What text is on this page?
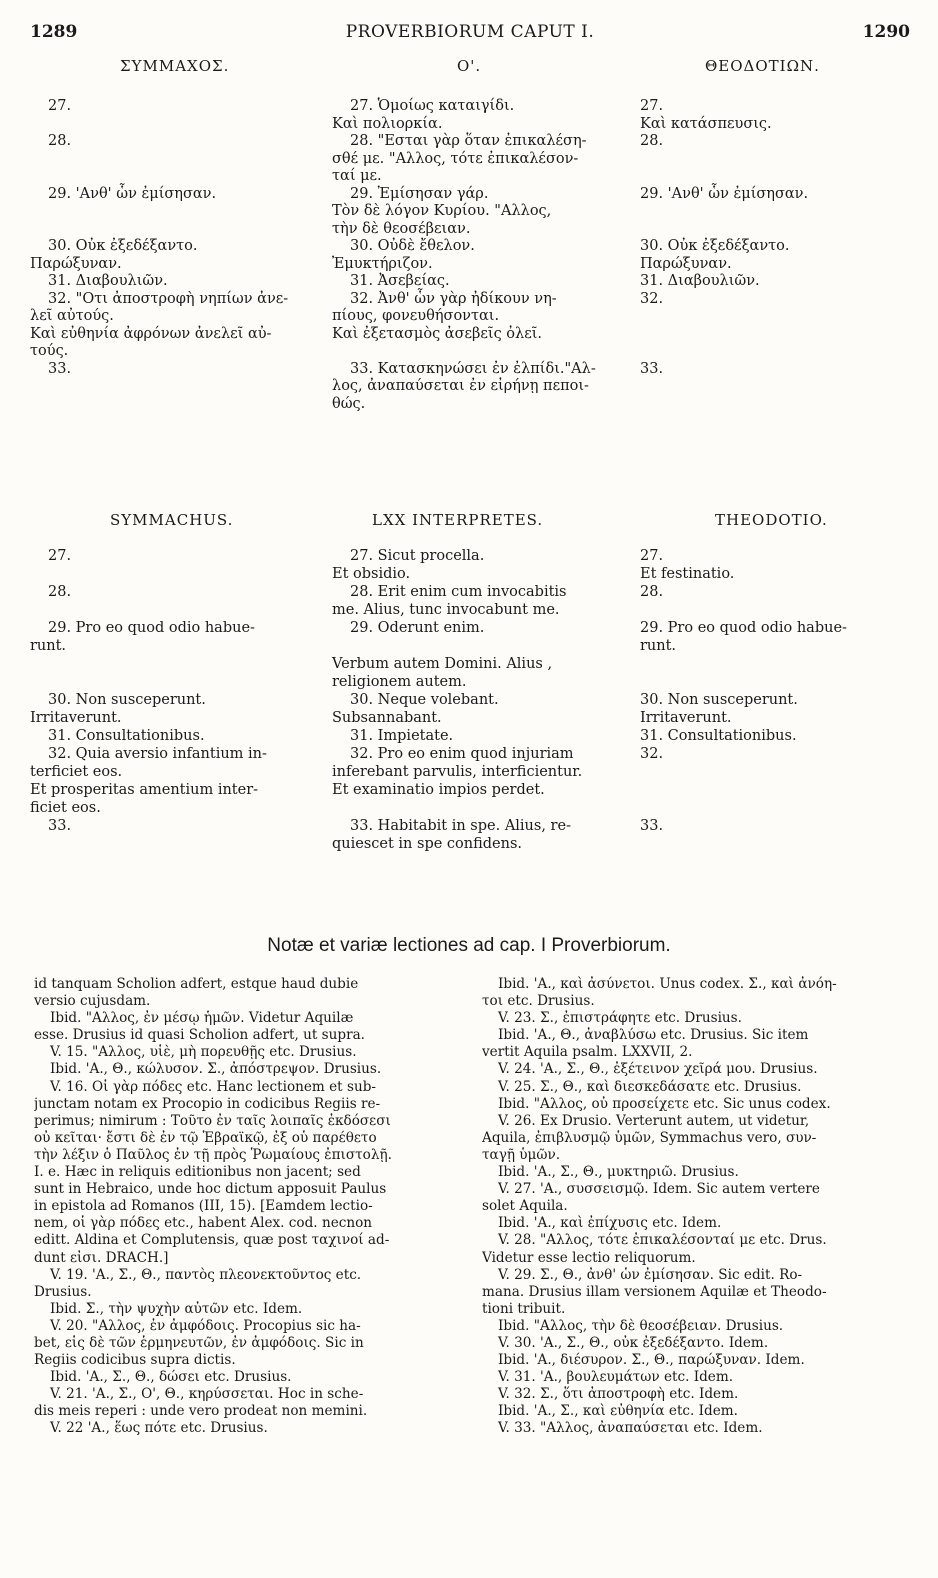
1289	PROVERBIORUM CAPUT I.	1290
ΣΥΜΜΑΧΟΣ.
27.
28.
29. 'Ανθ' ὧν ἐμίσησαν.
30. Οὐκ ἐξεδέξαντο.
Παρώξυναν.
31. Διαβουλιῶν.
32. "Οτι ἀποστροφὴ νηπίων ἀνε-
λεῖ αὐτούς.
Καὶ εὐθηνία ἀφρόνων ἀνελεῖ αὐ-
τούς.
33.
O'.
27. Ὁμοίως καταιγίδι.
Καὶ πολιορκία.
28. "Εσται γὰρ ὅταν ἐπικαλέση-
σθέ με. "Αλλος, τότε ἐπικαλέσον-
ταί με.
29. Ἐμίσησαν γάρ.
Τὸν δὲ λόγον Κυρίου. "Αλλος,
τὴν δὲ θεοσέβειαν.
30. Οὐδὲ ἔθελον.
Ἐμυκτήριζον.
31. Ἀσεβείας.
32. Ἀνθ' ὧν γὰρ ἠδίκουν νη-
πίους, φονευθήσονται.
Καὶ ἐξετασμὸς ἀσεβεῖς ὀλεῖ.
33. Κατασκηνώσει ἐν ἐλπίδι."Αλ-
λος, ἀναπαύσεται ἐν εἰρήνῃ πεποι-
θώς.
ΘΕΟΔΟΤΙΩΝ.
27.
Καὶ κατάσπευσις.
28.
29. 'Ανθ' ὧν ἐμίσησαν.
30. Οὐκ ἐξεδέξαντο.
Παρώξυναν.
31. Διαβουλιῶν.
32.
33.
SYMMACHUS.
27.
28.
29. Pro eo quod odio habue-
runt.
30. Non susceperunt.
Irritaverunt.
31. Consultationibus.
32. Quia aversio infantium in-
terficiet eos.
Et prosperitas amentium inter-
ficiet eos.
33.
LXX INTERPRETES.
27. Sicut procella.
Et obsidio.
28. Erit enim cum invocabitis
me. Alius, tunc invocabunt me.
29. Oderunt enim.
Verbum autem Domini. Alius ,
religionem autem.
30. Neque volebant.
Subsannabant.
31. Impietate.
32. Pro eo enim quod injuriam
inferebant parvulis, interficientur.
Et examinatio impios perdet.
33. Habitabit in spe. Alius, re-
quiescet in spe confidens.
THEODOTIO.
27.
Et festinatio.
28.
29. Pro eo quod odio habue-
runt.
30. Non susceperunt.
Irritaverunt.
31. Consultationibus.
32.
33.
Notæ et variæ lectiones ad cap. I Proverbiorum.
id tanquam Scholion adfert, estque haud dubie
versio cujusdam.
Ibid. "Αλλος, ἐν μέσῳ ἡμῶν. Videtur Aquilæ
esse. Drusius id quasi Scholion adfert, ut supra.
V. 15. "Αλλος, υἱὲ, μὴ πορευθῇς etc. Drusius.
Ibid. 'Α., Θ., κώλυσον. Σ., ἀπόστρεψον. Drusius.
V. 16. Οἱ γὰρ πόδες etc. Hanc lectionem et sub-
junctam notam ex Procopio in codicibus Regiis re-
perimus; nimirum : Τοῦτο ἐν ταῖς λοιπαῖς ἐκδόσεσι
οὐ κεῖται· ἔστι δὲ ἐν τῷ Ἑβραϊκῷ, ἐξ οὗ παρέθετο
τὴν λέξιν ὁ Παῦλος ἐν τῇ πρὸς Ῥωμαίους ἐπιστολῇ.
I. e. Hæc in reliquis editionibus non jacent; sed
sunt in Hebraico, unde hoc dictum apposuit Paulus
in epistola ad Romanos (III, 15). [Eamdem lectio-
nem, οἱ γὰρ πόδες etc., habent Alex. cod. necnon
editt. Aldina et Complutensis, quæ post ταχινοί ad-
dunt εἰσι. DRACH.]
V. 19. 'Α., Σ., Θ., παντὸς πλεονεκτοῦντος etc.
Drusius.
Ibid. Σ., τὴν ψυχὴν αὐτῶν etc. Idem.
V. 20. "Αλλος, ἐν ἀμφόδοις. Procopius sic ha-
bet, εἷς δὲ τῶν ἑρμηνευτῶν, ἐν ἀμφόδοις. Sic in
Regiis codicibus supra dictis.
Ibid. 'Α., Σ., Θ., δώσει etc. Drusius.
V. 21. 'Α., Σ., O', Θ., κηρύσσεται. Hoc in sche-
dis meis reperi : unde vero prodeat non memini.
V. 22 'Α., ἕως πότε etc. Drusius.
Ibid. 'Α., καὶ ἀσύνετοι. Unus codex. Σ., καὶ ἀνόη-
τοι etc. Drusius.
V. 23. Σ., ἐπιστράφητε etc. Drusius.
Ibid. 'Α., Θ., ἀναβλύσω etc. Drusius. Sic item
vertit Aquila psalm. LXXVII, 2.
V. 24. 'Α., Σ., Θ., ἐξέτεινον χεῖρά μου. Drusius.
V. 25. Σ., Θ., καὶ διεσκεδάσατε etc. Drusius.
Ibid. "Αλλος, οὐ προσείχετε etc. Sic unus codex.
V. 26. Ex Drusio. Verterunt autem, ut videtur,
Aquila, ἐπιβλυσμῷ ὑμῶν, Symmachus vero, συν-
ταγῇ ὑμῶν.
Ibid. 'Α., Σ., Θ., μυκτηριῶ. Drusius.
V. 27. 'Α., συσσεισμῷ. Idem. Sic autem vertere
solet Aquila.
Ibid. 'Α., καὶ ἐπίχυσις etc. Idem.
V. 28. "Αλλος, τότε ἐπικαλέσονταί με etc. Drus.
Videtur esse lectio reliquorum.
V. 29. Σ., Θ., ἀνθ' ὧν ἐμίσησαν. Sic edit. Ro-
mana. Drusius illam versionem Aquilæ et Theodo-
tioni tribuit.
Ibid. "Αλλος, τὴν δὲ θεοσέβειαν. Drusius.
V. 30. 'Α., Σ., Θ., οὐκ ἐξεδέξαντο. Idem.
Ibid. 'Α., διέσυρον. Σ., Θ., παρώξυναν. Idem.
V. 31. 'Α., βουλευμάτων etc. Idem.
V. 32. Σ., ὅτι ἀποστροφὴ etc. Idem.
Ibid. 'Α., Σ., καὶ εὐθηνία etc. Idem.
V. 33. "Αλλος, ἀναπαύσεται etc. Idem.
